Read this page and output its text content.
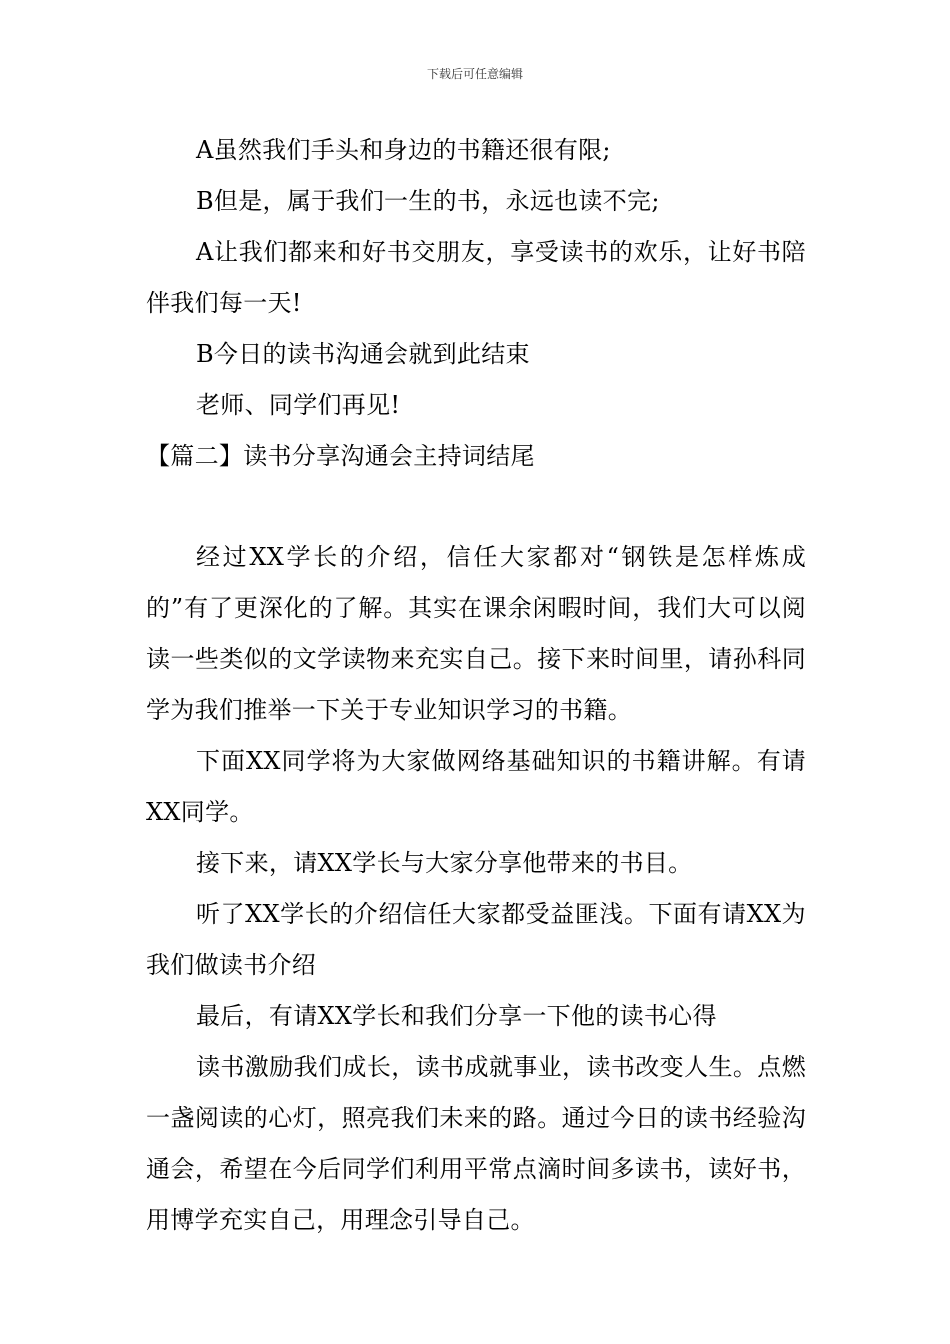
下载后可任意编辑

A虽然我们手头和身边的书籍还很有限;

B但是，属于我们一生的书，永远也读不完;

A让我们都来和好书交朋友，享受读书的欢乐，让好书陪伴我们每一天!

B今日的读书沟通会就到此结束

老师、同学们再见!

【篇二】读书分享沟通会主持词结尾

经过XX学长的介绍，信任大家都对“钢铁是怎样炼成的”有了更深化的了解。其实在课余闲暇时间，我们大可以阅读一些类似的文学读物来充实自己。接下来时间里，请孙科同学为我们推举一下关于专业知识学习的书籍。

下面XX同学将为大家做网络基础知识的书籍讲解。有请XX同学。

接下来，请XX学长与大家分享他带来的书目。

听了XX学长的介绍信任大家都受益匪浅。下面有请XX为我们做读书介绍

最后，有请XX学长和我们分享一下他的读书心得

读书激励我们成长，读书成就事业，读书改变人生。点燃一盏阅读的心灯，照亮我们未来的路。通过今日的读书经验沟通会，希望在今后同学们利用平常点滴时间多读书，读好书，用博学充实自己，用理念引导自己。
